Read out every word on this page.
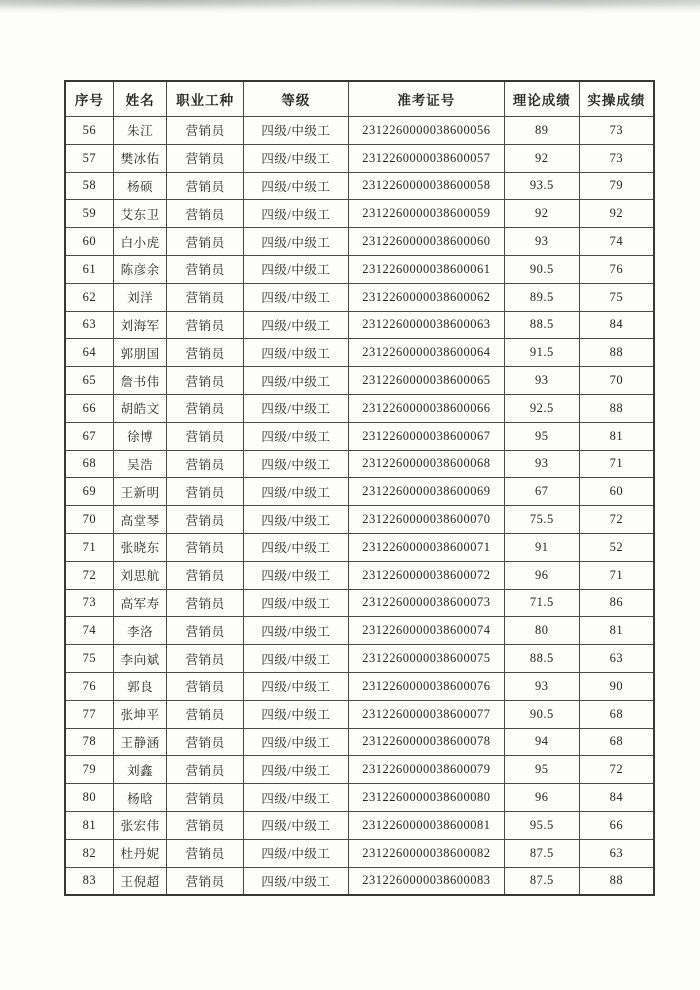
序号	姓名	职业工种	等级	准考证号	理论成绩	实操成绩
56	朱江	营销员	四级/中级工	2312260000038600056	89	73
57	樊冰佑	营销员	四级/中级工	2312260000038600057	92	73
58	杨硕	营销员	四级/中级工	2312260000038600058	93.5	79
59	艾东卫	营销员	四级/中级工	2312260000038600059	92	92
60	白小虎	营销员	四级/中级工	2312260000038600060	93	74
61	陈彦余	营销员	四级/中级工	2312260000038600061	90.5	76
62	刘洋	营销员	四级/中级工	2312260000038600062	89.5	75
63	刘海军	营销员	四级/中级工	2312260000038600063	88.5	84
64	郭朋国	营销员	四级/中级工	2312260000038600064	91.5	88
65	詹书伟	营销员	四级/中级工	2312260000038600065	93	70
66	胡皓文	营销员	四级/中级工	2312260000038600066	92.5	88
67	徐博	营销员	四级/中级工	2312260000038600067	95	81
68	吴浩	营销员	四级/中级工	2312260000038600068	93	71
69	王新明	营销员	四级/中级工	2312260000038600069	67	60
70	高堂琴	营销员	四级/中级工	2312260000038600070	75.5	72
71	张晓东	营销员	四级/中级工	2312260000038600071	91	52
72	刘思航	营销员	四级/中级工	2312260000038600072	96	71
73	高军寿	营销员	四级/中级工	2312260000038600073	71.5	86
74	李洛	营销员	四级/中级工	2312260000038600074	80	81
75	李向斌	营销员	四级/中级工	2312260000038600075	88.5	63
76	郭良	营销员	四级/中级工	2312260000038600076	93	90
77	张坤平	营销员	四级/中级工	2312260000038600077	90.5	68
78	王静涵	营销员	四级/中级工	2312260000038600078	94	68
79	刘鑫	营销员	四级/中级工	2312260000038600079	95	72
80	杨晗	营销员	四级/中级工	2312260000038600080	96	84
81	张宏伟	营销员	四级/中级工	2312260000038600081	95.5	66
82	杜丹妮	营销员	四级/中级工	2312260000038600082	87.5	63
83	王倪超	营销员	四级/中级工	2312260000038600083	87.5	88
